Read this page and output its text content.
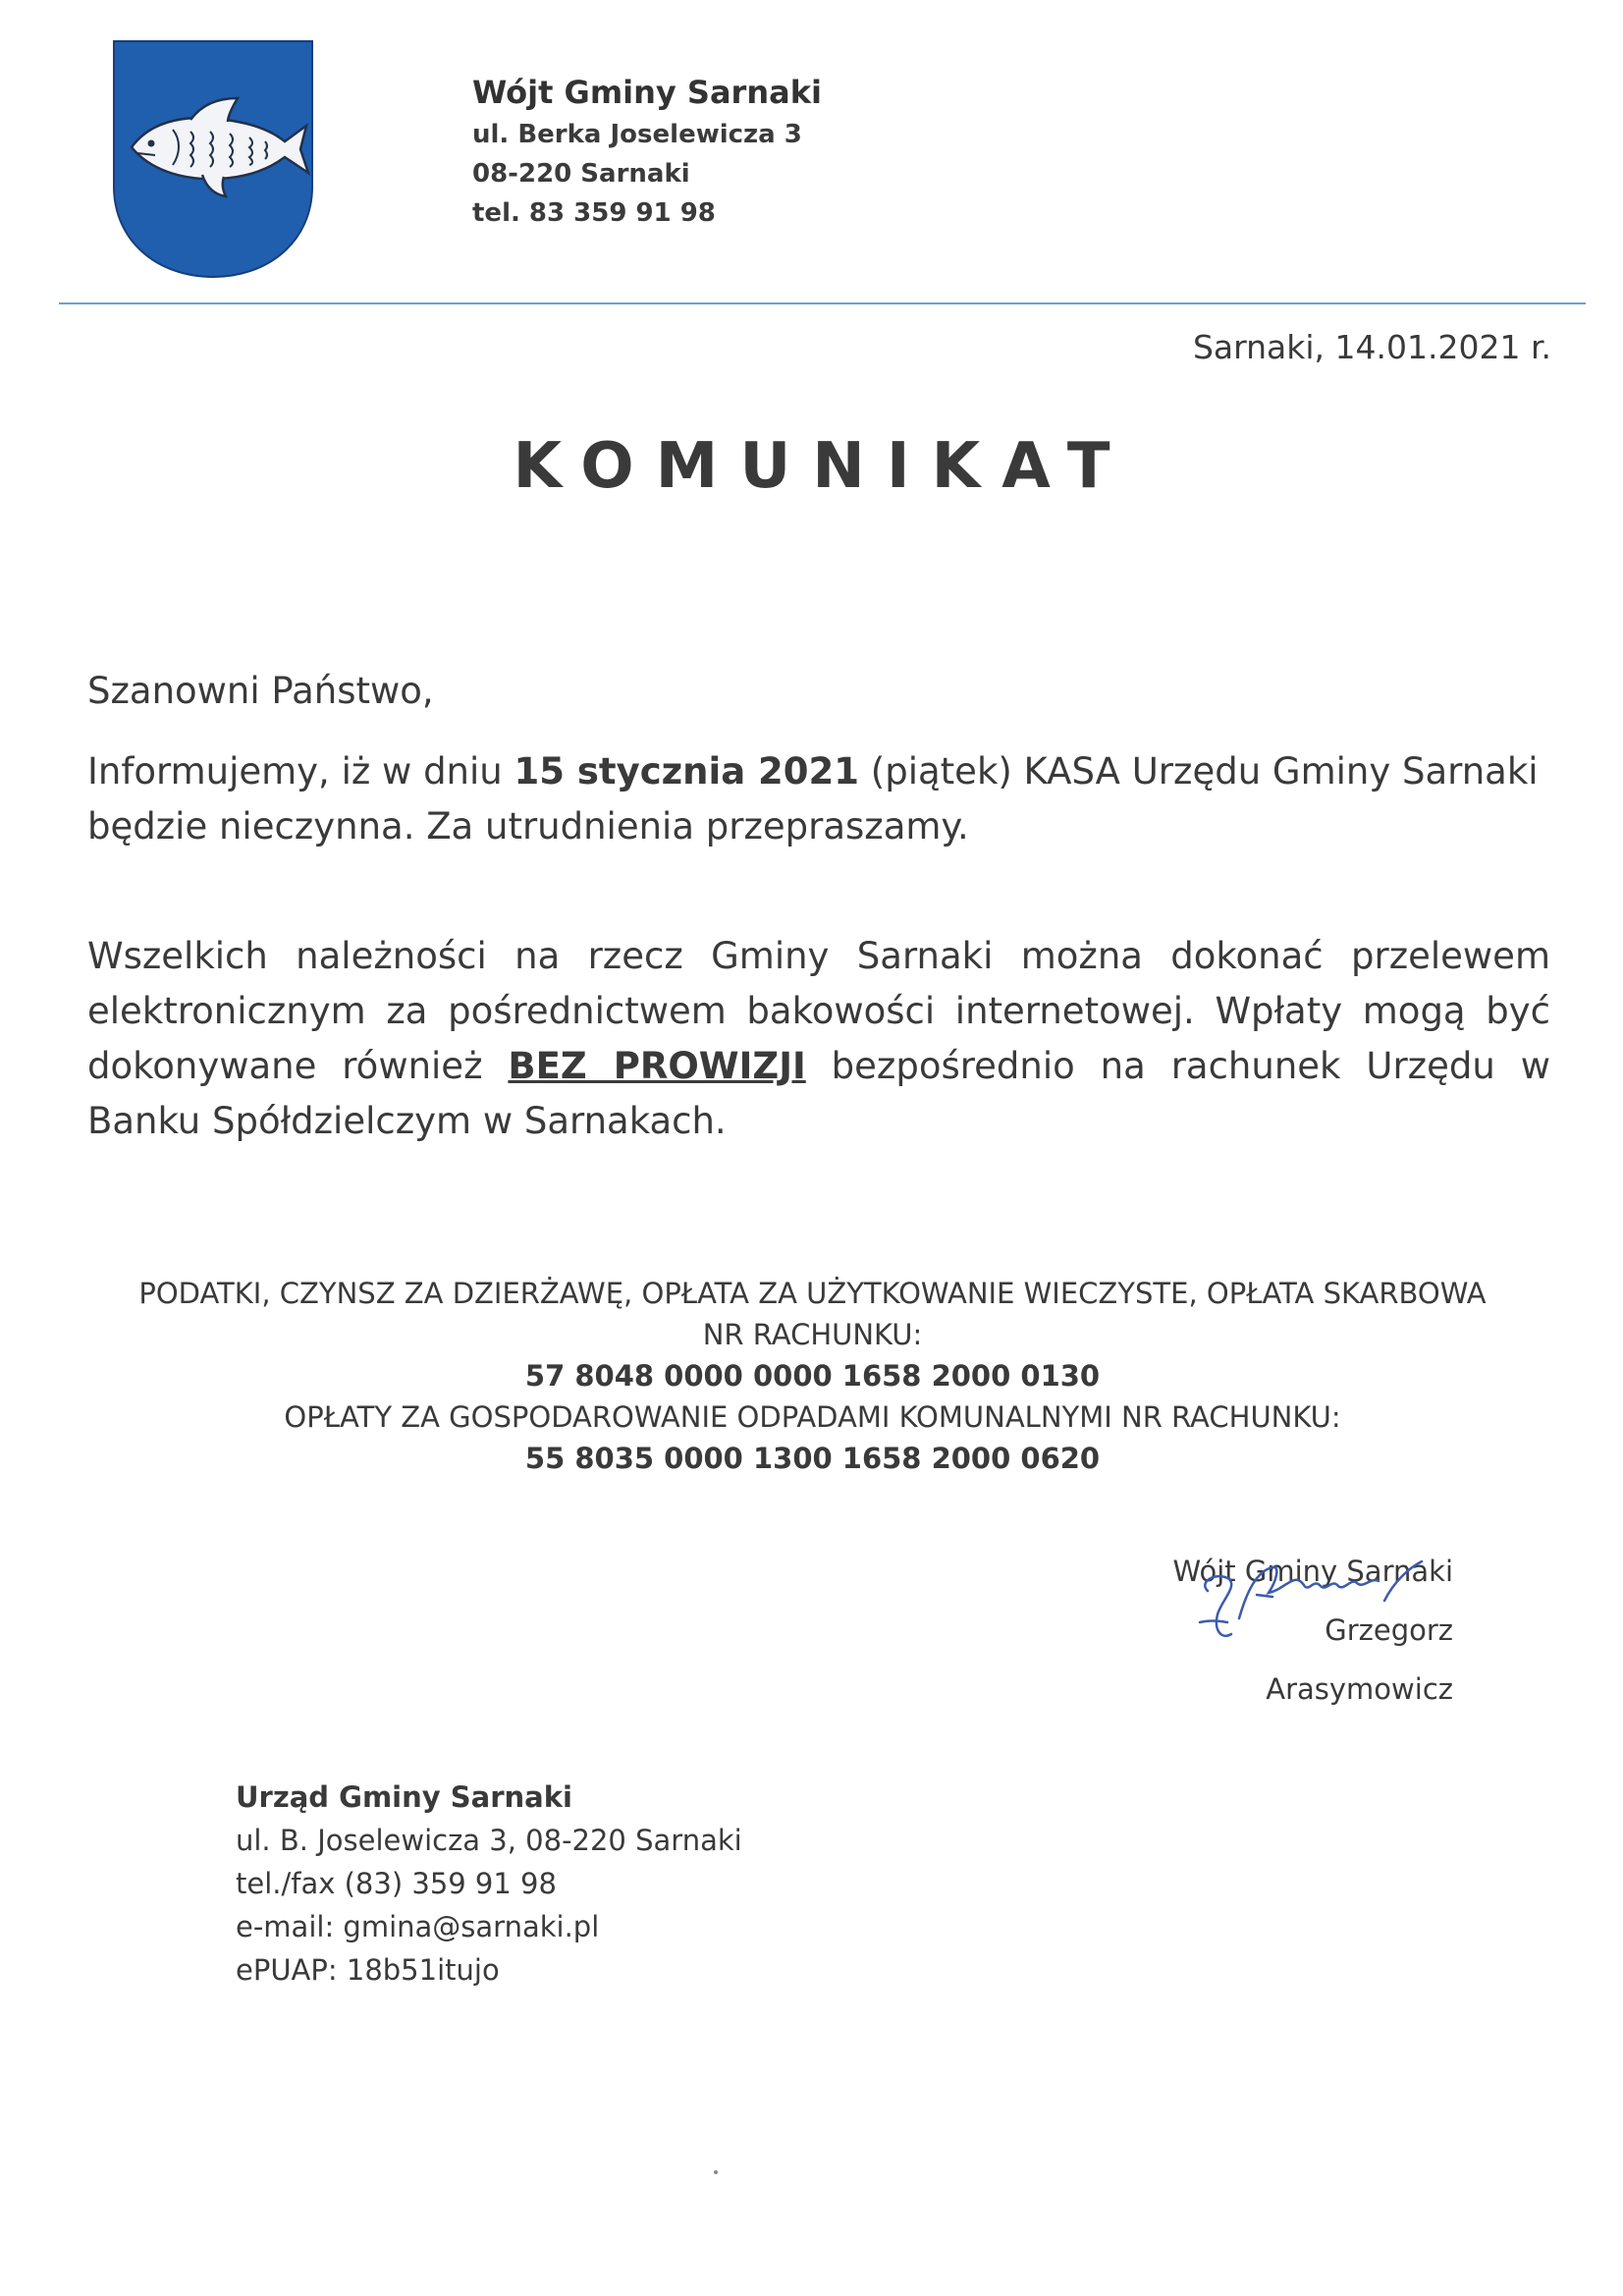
Wójt Gminy Sarnaki
ul. Berka Joselewicza 3
08-220 Sarnaki
tel. 83 359 91 98
Sarnaki, 14.01.2021 r.
KOMUNIKAT
Szanowni Państwo,
Informujemy, iż w dniu 15 stycznia 2021 (piątek) KASA Urzędu Gminy Sarnaki będzie nieczynna. Za utrudnienia przepraszamy.
Wszelkich należności na rzecz Gminy Sarnaki można dokonać przelewem elektronicznym za pośrednictwem bakowości internetowej. Wpłaty mogą być dokonywane również BEZ PROWIZJI bezpośrednio na rachunek Urzędu w Banku Spółdzielczym w Sarnakach.
PODATKI, CZYNSZ ZA DZIERŻAWĘ, OPŁATA ZA UŻYTKOWANIE WIECZYSTE, OPŁATA SKARBOWA
NR RACHUNKU:
57 8048 0000 0000 1658 2000 0130
OPŁATY ZA GOSPODAROWANIE ODPADAMI KOMUNALNYMI NR RACHUNKU:
55 8035 0000 1300 1658 2000 0620
Wójt Gminy Sarnaki
Grzegorz Arasymowicz
Urząd Gminy Sarnaki
ul. B. Joselewicza 3, 08-220 Sarnaki
tel./fax (83) 359 91 98
e-mail: gmina@sarnaki.pl
ePUAP: 18b51itujo
